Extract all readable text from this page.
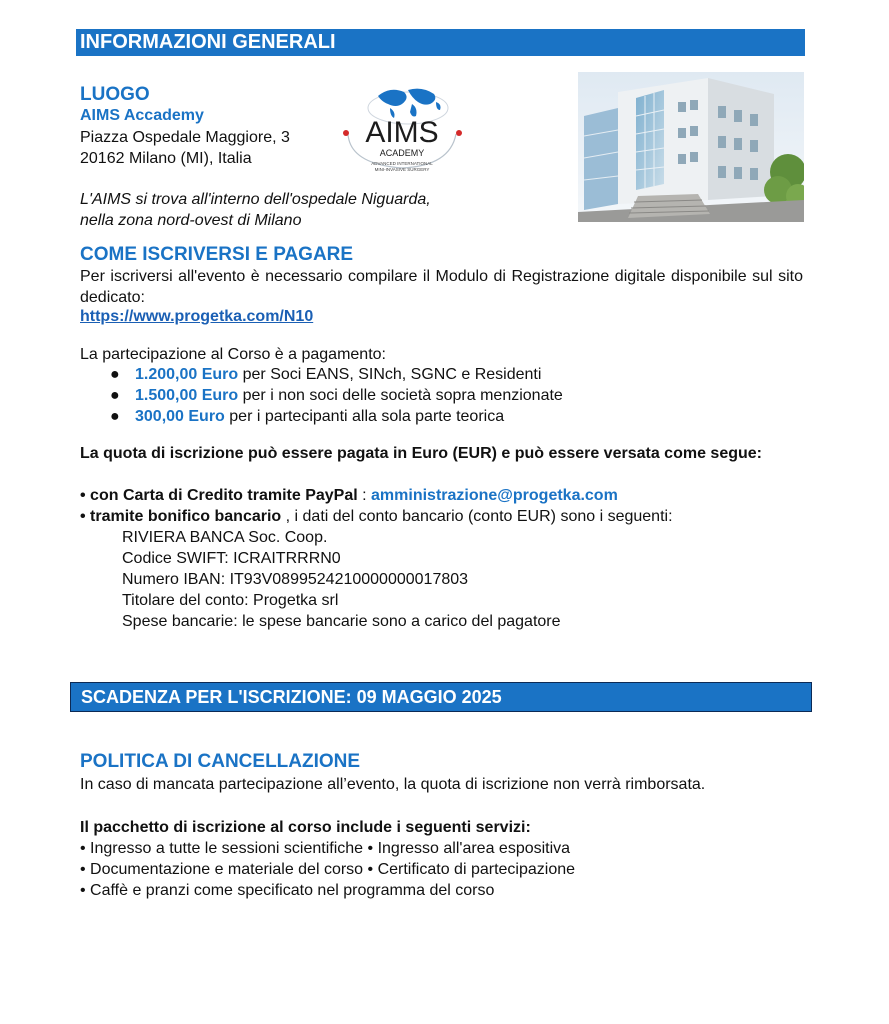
INFORMAZIONI GENERALI
LUOGO
AIMS Accademy
Piazza Ospedale Maggiore, 3
20162 Milano (MI), Italia
L'AIMS si trova all'interno dell'ospedale Niguarda,
nella zona nord-ovest di Milano
AIMS
ACADEMY
ADVANCED INTERNATIONAL
MINI-INVASIVE SURGERY
COME ISCRIVERSI E PAGARE
Per iscriversi all'evento è necessario compilare il Modulo di Registrazione digitale disponibile sul sito dedicato:
https://www.progetka.com/N10
La partecipazione al Corso è a pagamento:
● 1.200,00 Euro per Soci EANS, SINch, SGNC e Residenti
● 1.500,00 Euro per i non soci delle società sopra menzionate
● 300,00 Euro per i partecipanti alla sola parte teorica
La quota di iscrizione può essere pagata in Euro (EUR) e può essere versata come segue:
• con Carta di Credito tramite PayPal : amministrazione@progetka.com
• tramite bonifico bancario , i dati del conto bancario (conto EUR) sono i seguenti:
RIVIERA BANCA Soc. Coop.
Codice SWIFT: ICRAITRRRN0
Numero IBAN: IT93V0899524210000000017803
Titolare del conto: Progetka srl
Spese bancarie: le spese bancarie sono a carico del pagatore
SCADENZA PER L'ISCRIZIONE: 09 MAGGIO 2025
POLITICA DI CANCELLAZIONE
In caso di mancata partecipazione all’evento, la quota di iscrizione non verrà rimborsata.
Il pacchetto di iscrizione al corso include i seguenti servizi:
• Ingresso a tutte le sessioni scientifiche • Ingresso all'area espositiva
• Documentazione e materiale del corso • Certificato di partecipazione
• Caffè e pranzi come specificato nel programma del corso
